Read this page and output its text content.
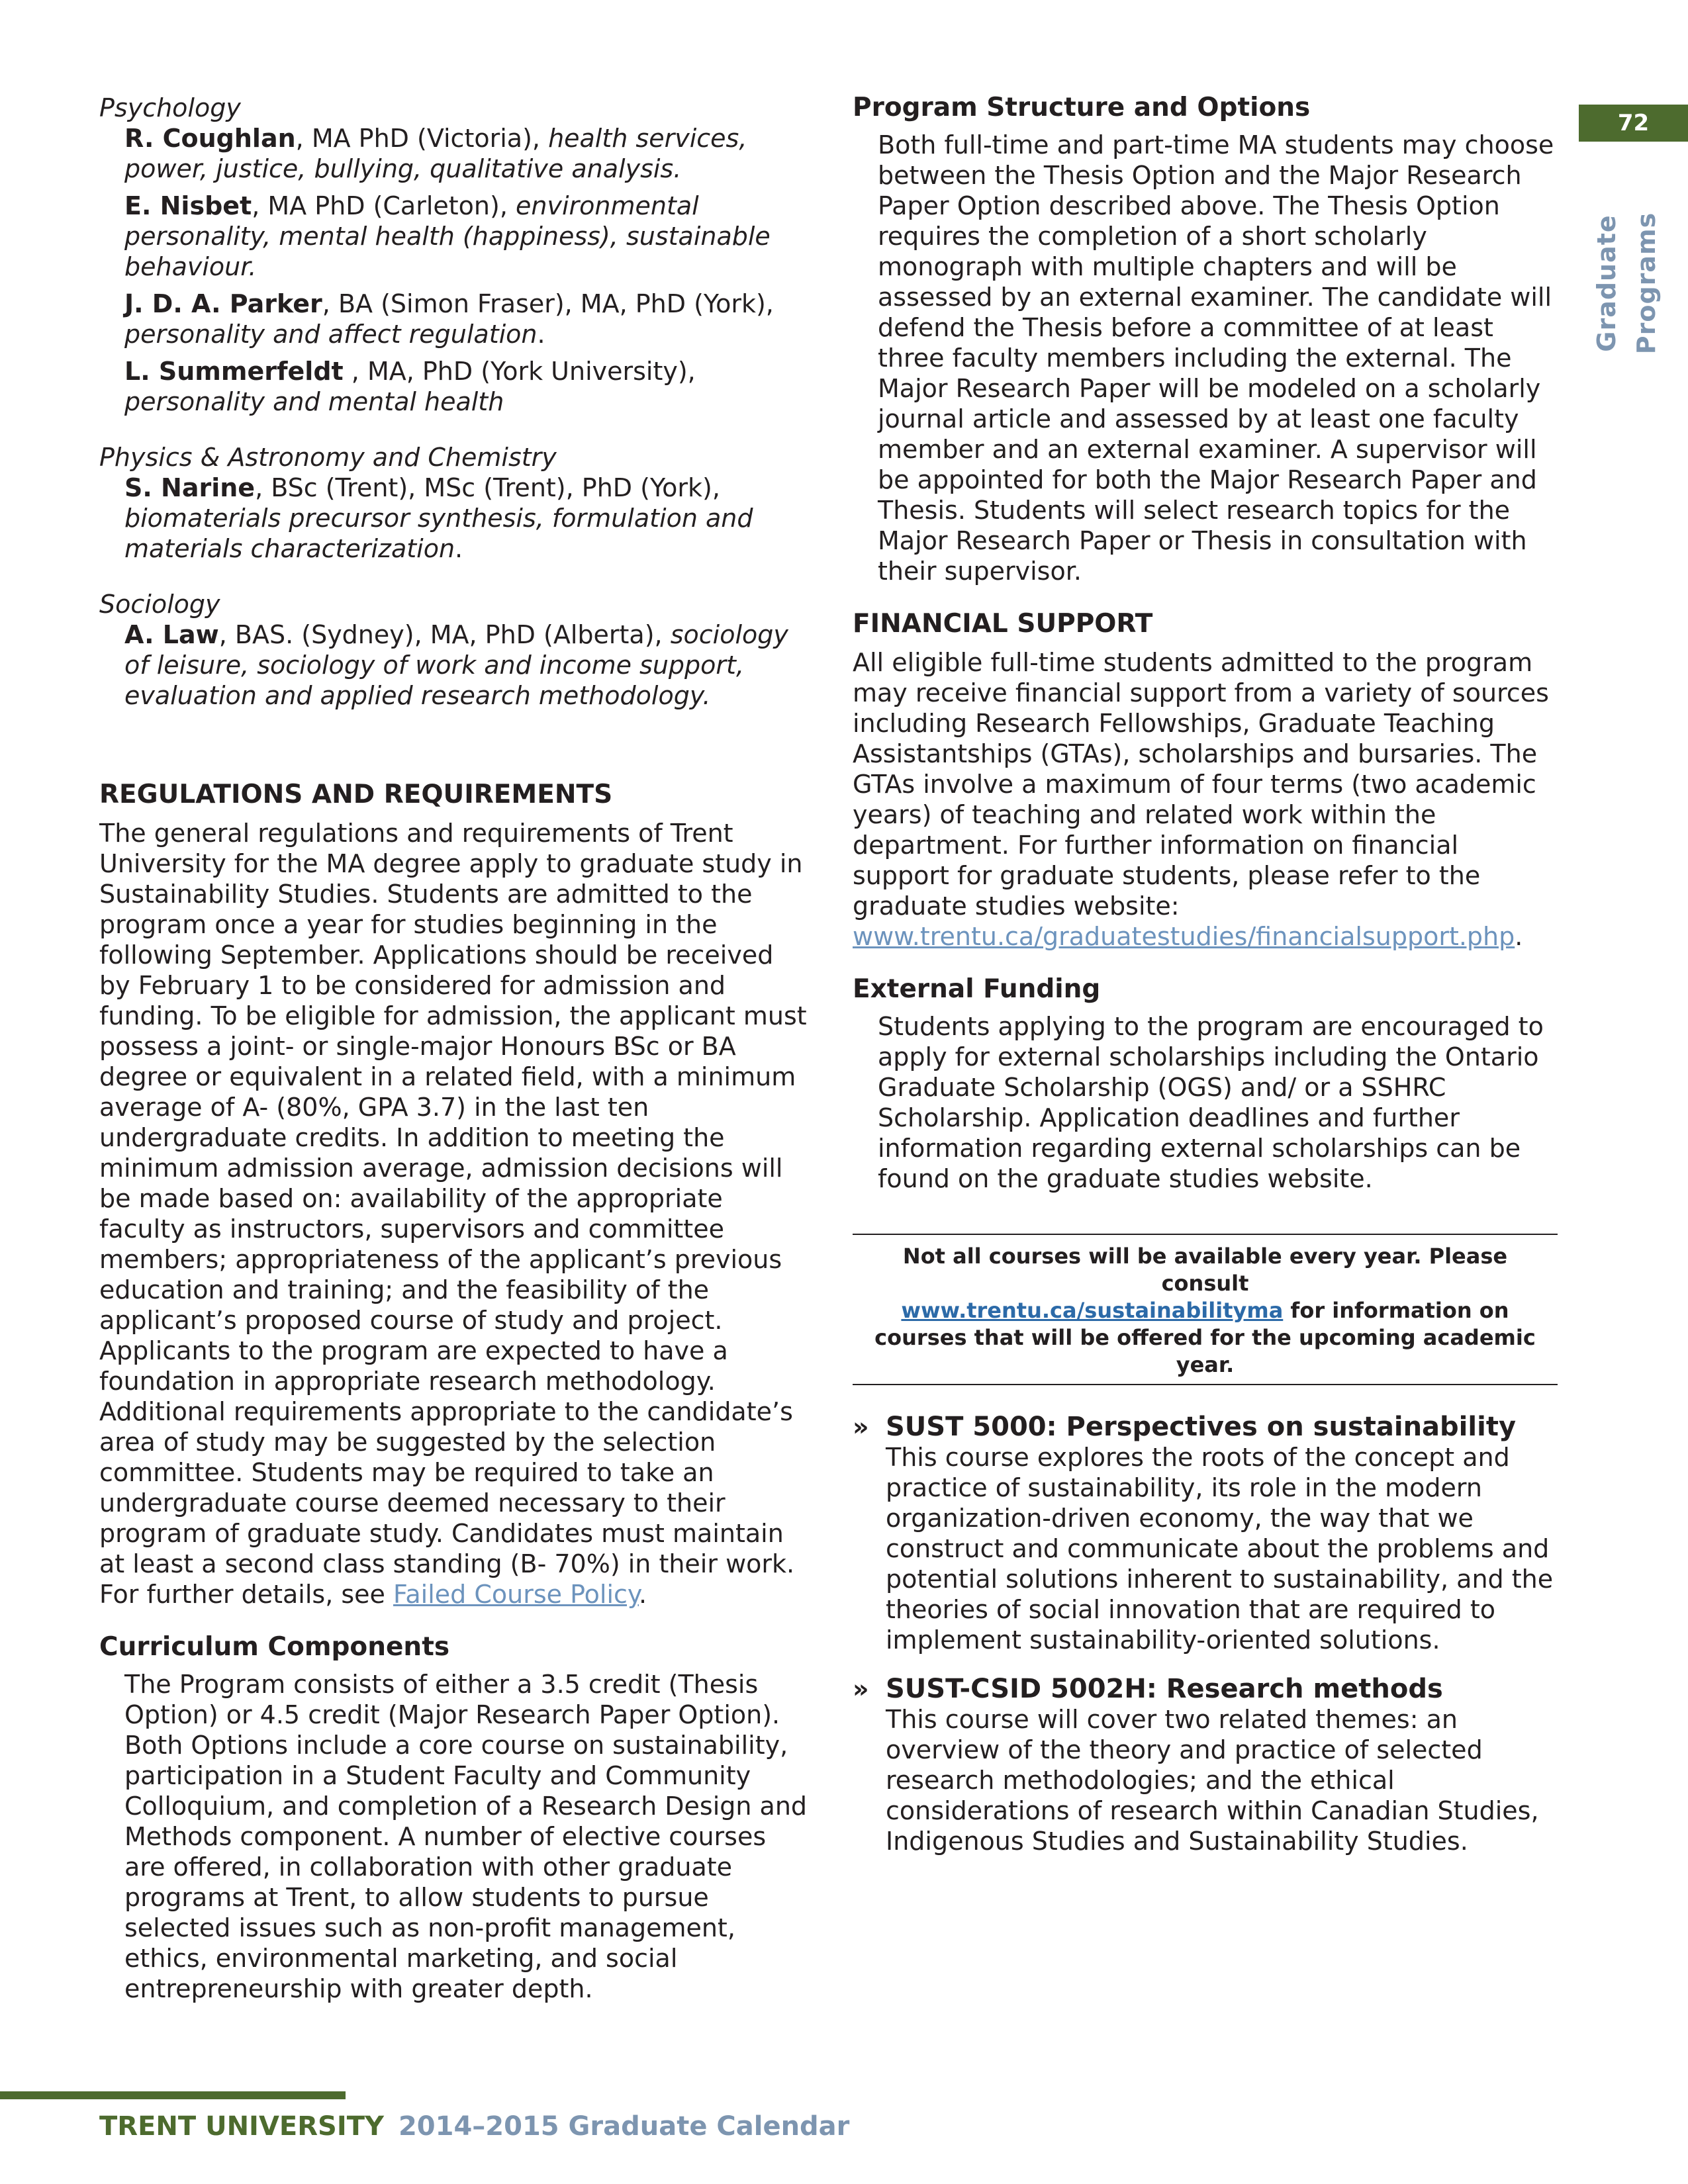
Psychology

R. Coughlan, MA PhD (Victoria), health services, power, justice, bullying, qualitative analysis.

E. Nisbet, MA PhD (Carleton), environmental personality, mental health (happiness), sustainable behaviour.

J. D. A. Parker, BA (Simon Fraser), MA, PhD (York), personality and affect regulation.

L. Summerfeldt , MA, PhD (York University), personality and mental health

Physics & Astronomy and Chemistry

S. Narine, BSc (Trent), MSc (Trent), PhD (York), biomaterials precursor synthesis, formulation and materials characterization.

Sociology

A. Law, BAS. (Sydney), MA, PhD (Alberta), sociology of leisure, sociology of work and income support, evaluation and applied research methodology.

REGULATIONS AND REQUIREMENTS

The general regulations and requirements of Trent University for the MA degree apply to graduate study in Sustainability Studies. Students are admitted to the program once a year for studies beginning in the following September. Applications should be received by February 1 to be considered for admission and funding. To be eligible for admission, the applicant must possess a joint- or single-major Honours BSc or BA degree or equivalent in a related field, with a minimum average of A- (80%, GPA 3.7) in the last ten undergraduate credits. In addition to meeting the minimum admission average, admission decisions will be made based on: availability of the appropriate faculty as instructors, supervisors and committee members; appropriateness of the applicant’s previous education and training; and the feasibility of the applicant’s proposed course of study and project. Applicants to the program are expected to have a foundation in appropriate research methodology. Additional requirements appropriate to the candidate’s area of study may be suggested by the selection committee. Students may be required to take an undergraduate course deemed necessary to their program of graduate study. Candidates must maintain at least a second class standing (B- 70%) in their work. For further details, see Failed Course Policy.

Curriculum Components

The Program consists of either a 3.5 credit (Thesis Option) or 4.5 credit (Major Research Paper Option). Both Options include a core course on sustainability, participation in a Student Faculty and Community Colloquium, and completion of a Research Design and Methods component. A number of elective courses are offered, in collaboration with other graduate programs at Trent, to allow students to pursue selected issues such as non-profit management, ethics, environmental marketing, and social entrepreneurship with greater depth.

Program Structure and Options

Both full-time and part-time MA students may choose between the Thesis Option and the Major Research Paper Option described above. The Thesis Option requires the completion of a short scholarly monograph with multiple chapters and will be assessed by an external examiner. The candidate will defend the Thesis before a committee of at least three faculty members including the external. The Major Research Paper will be modeled on a scholarly journal article and assessed by at least one faculty member and an external examiner. A supervisor will be appointed for both the Major Research Paper and Thesis. Students will select research topics for the Major Research Paper or Thesis in consultation with their supervisor.

FINANCIAL SUPPORT

All eligible full-time students admitted to the program may receive financial support from a variety of sources including Research Fellowships, Graduate Teaching Assistantships (GTAs), scholarships and bursaries. The GTAs involve a maximum of four terms (two academic years) of teaching and related work within the department. For further information on financial support for graduate students, please refer to the graduate studies website: www.trentu.ca/graduatestudies/financialsupport.php.

External Funding

Students applying to the program are encouraged to apply for external scholarships including the Ontario Graduate Scholarship (OGS) and/ or a SSHRC Scholarship. Application deadlines and further information regarding external scholarships can be found on the graduate studies website.

Not all courses will be available every year. Please consult
www.trentu.ca/sustainabilityma for information on courses that will be offered for the upcoming academic year.
» SUST 5000: Perspectives on sustainability
This course explores the roots of the concept and practice of sustainability, its role in the modern organization-driven economy, the way that we construct and communicate about the problems and potential solutions inherent to sustainability, and the theories of social innovation that are required to implement sustainability-oriented solutions.
» SUST-CSID 5002H: Research methods
This course will cover two related themes: an overview of the theory and practice of selected research methodologies; and the ethical considerations of research within Canadian Studies, Indigenous Studies and Sustainability Studies.
72
Graduate Programs
TRENT UNIVERSITY 2014–2015 Graduate Calendar
